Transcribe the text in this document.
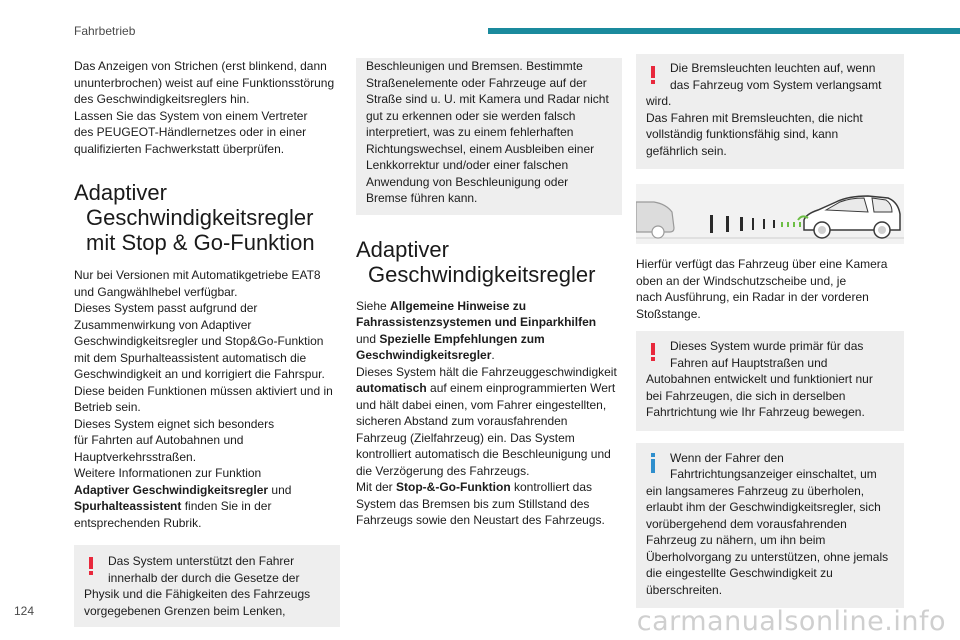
Fahrbetrieb

Das Anzeigen von Strichen (erst blinkend, dann
ununterbrochen) weist auf eine Funktionsstörung
des Geschwindigkeitsreglers hin.
Lassen Sie das System von einem Vertreter
des PEUGEOT-Händlernetzes oder in einer
qualifizierten Fachwerkstatt überprüfen.

Adaptiver
Geschwindigkeitsregler
mit Stop & Go-Funktion

Nur bei Versionen mit Automatikgetriebe EAT8
und Gangwählhebel verfügbar.
Dieses System passt aufgrund der
Zusammenwirkung von Adaptiver
Geschwindigkeitsregler und Stop&Go-Funktion
mit dem Spurhalteassistent automatisch die
Geschwindigkeit an und korrigiert die Fahrspur.
Diese beiden Funktionen müssen aktiviert und in
Betrieb sein.
Dieses System eignet sich besonders
für Fahrten auf Autobahnen und
Hauptverkehrsstraßen.
Weitere Informationen zur Funktion
Adaptiver Geschwindigkeitsregler und
Spurhalteassistent finden Sie in der
entsprechenden Rubrik.

Das System unterstützt den Fahrer
innerhalb der durch die Gesetze der
Physik und die Fähigkeiten des Fahrzeugs
vorgegebenen Grenzen beim Lenken,
Beschleunigen und Bremsen. Bestimmte
Straßenelemente oder Fahrzeuge auf der
Straße sind u. U. mit Kamera und Radar nicht
gut zu erkennen oder sie werden falsch
interpretiert, was zu einem fehlerhaften
Richtungswechsel, einem Ausbleiben einer
Lenkkorrektur und/oder einer falschen
Anwendung von Beschleunigung oder
Bremse führen kann.
Adaptiver
Geschwindigkeitsregler

Siehe Allgemeine Hinweise zu
Fahrassistenzsystemen und Einparkhilfen
und Spezielle Empfehlungen zum
Geschwindigkeitsregler.
Dieses System hält die Fahrzeuggeschwindigkeit
automatisch auf einem einprogrammierten Wert
und hält dabei einen, vom Fahrer eingestellten,
sicheren Abstand zum vorausfahrenden
Fahrzeug (Zielfahrzeug) ein. Das System
kontrolliert automatisch die Beschleunigung und
die Verzögerung des Fahrzeugs.
Mit der Stop-&-Go-Funktion kontrolliert das
System das Bremsen bis zum Stillstand des
Fahrzeugs sowie den Neustart des Fahrzeugs.

Die Bremsleuchten leuchten auf, wenn
das Fahrzeug vom System verlangsamt
wird.
Das Fahren mit Bremsleuchten, die nicht
vollständig funktionsfähig sind, kann
gefährlich sein.

Hierfür verfügt das Fahrzeug über eine Kamera
oben an der Windschutzscheibe und, je
nach Ausführung, ein Radar in der vorderen
Stoßstange.

Dieses System wurde primär für das
Fahren auf Hauptstraßen und
Autobahnen entwickelt und funktioniert nur
bei Fahrzeugen, die sich in derselben
Fahrtrichtung wie Ihr Fahrzeug bewegen.
Wenn der Fahrer den
Fahrtrichtungsanzeiger einschaltet, um
ein langsameres Fahrzeug zu überholen,
erlaubt ihm der Geschwindigkeitsregler, sich
vorübergehend dem vorausfahrenden
Fahrzeug zu nähern, um ihn beim
Überholvorgang zu unterstützen, ohne jemals
die eingestellte Geschwindigkeit zu
überschreiten.
124	carmanualsonline.info
